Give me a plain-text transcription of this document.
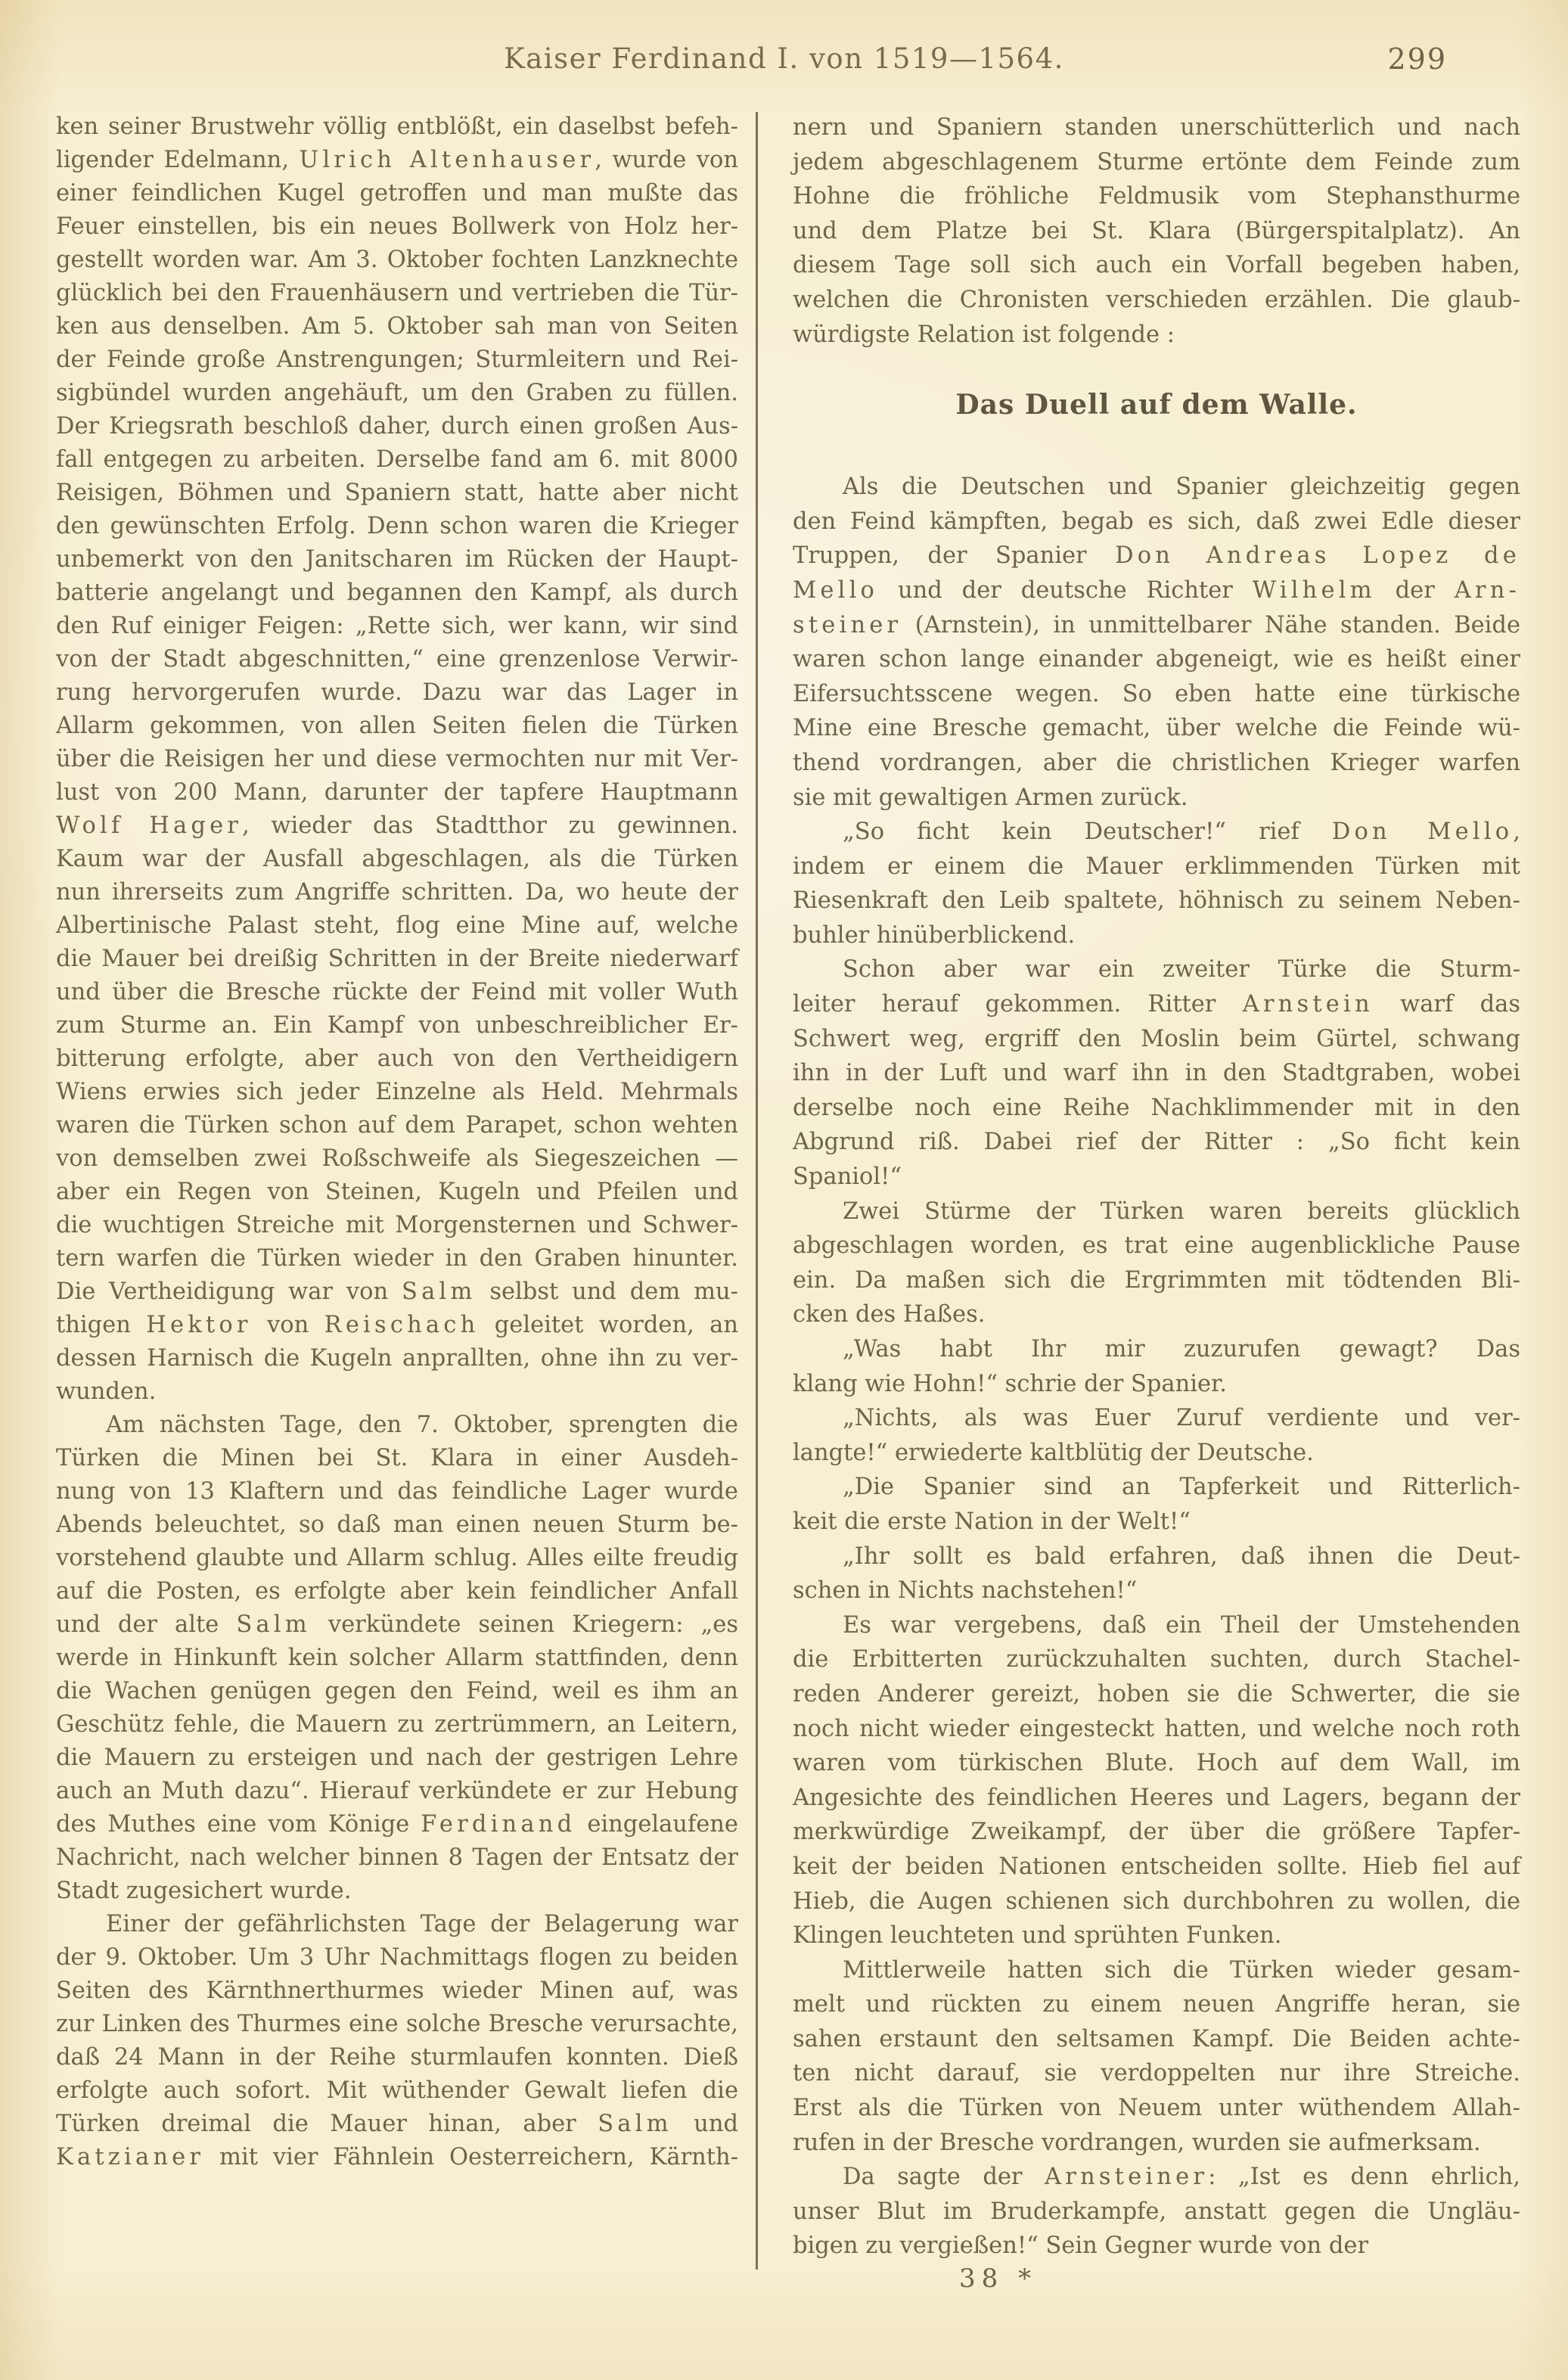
Kaiser Ferdinand I. von 1519—1564.	299
ken seiner Brustwehr völlig entblößt, ein daselbst befeh-
ligender Edelmann, Ulrich Altenhauser, wurde von
einer feindlichen Kugel getroffen und man mußte das
Feuer einstellen, bis ein neues Bollwerk von Holz her-
gestellt worden war. Am 3. Oktober fochten Lanzknechte
glücklich bei den Frauenhäusern und vertrieben die Tür-
ken aus denselben. Am 5. Oktober sah man von Seiten
der Feinde große Anstrengungen; Sturmleitern und Rei-
sigbündel wurden angehäuft, um den Graben zu füllen.
Der Kriegsrath beschloß daher, durch einen großen Aus-
fall entgegen zu arbeiten. Derselbe fand am 6. mit 8000
Reisigen, Böhmen und Spaniern statt, hatte aber nicht
den gewünschten Erfolg. Denn schon waren die Krieger
unbemerkt von den Janitscharen im Rücken der Haupt-
batterie angelangt und begannen den Kampf, als durch
den Ruf einiger Feigen: „Rette sich, wer kann, wir sind
von der Stadt abgeschnitten,“ eine grenzenlose Verwir-
rung hervorgerufen wurde. Dazu war das Lager in
Allarm gekommen, von allen Seiten fielen die Türken
über die Reisigen her und diese vermochten nur mit Ver-
lust von 200 Mann, darunter der tapfere Hauptmann
Wolf Hager, wieder das Stadtthor zu gewinnen.
Kaum war der Ausfall abgeschlagen, als die Türken
nun ihrerseits zum Angriffe schritten. Da, wo heute der
Albertinische Palast steht, flog eine Mine auf, welche
die Mauer bei dreißig Schritten in der Breite niederwarf
und über die Bresche rückte der Feind mit voller Wuth
zum Sturme an. Ein Kampf von unbeschreiblicher Er-
bitterung erfolgte, aber auch von den Vertheidigern
Wiens erwies sich jeder Einzelne als Held. Mehrmals
waren die Türken schon auf dem Parapet, schon wehten
von demselben zwei Roßschweife als Siegeszeichen —
aber ein Regen von Steinen, Kugeln und Pfeilen und
die wuchtigen Streiche mit Morgensternen und Schwer-
tern warfen die Türken wieder in den Graben hinunter.
Die Vertheidigung war von Salm selbst und dem mu-
thigen Hektor von Reischach geleitet worden, an
dessen Harnisch die Kugeln anprallten, ohne ihn zu ver-
wunden.
Am nächsten Tage, den 7. Oktober, sprengten die
Türken die Minen bei St. Klara in einer Ausdeh-
nung von 13 Klaftern und das feindliche Lager wurde
Abends beleuchtet, so daß man einen neuen Sturm be-
vorstehend glaubte und Allarm schlug. Alles eilte freudig
auf die Posten, es erfolgte aber kein feindlicher Anfall
und der alte Salm verkündete seinen Kriegern: „es
werde in Hinkunft kein solcher Allarm stattfinden, denn
die Wachen genügen gegen den Feind, weil es ihm an
Geschütz fehle, die Mauern zu zertrümmern, an Leitern,
die Mauern zu ersteigen und nach der gestrigen Lehre
auch an Muth dazu“. Hierauf verkündete er zur Hebung
des Muthes eine vom Könige Ferdinand eingelaufene
Nachricht, nach welcher binnen 8 Tagen der Entsatz der
Stadt zugesichert wurde.
Einer der gefährlichsten Tage der Belagerung war
der 9. Oktober. Um 3 Uhr Nachmittags flogen zu beiden
Seiten des Kärnthnerthurmes wieder Minen auf, was
zur Linken des Thurmes eine solche Bresche verursachte,
daß 24 Mann in der Reihe sturmlaufen konnten. Dieß
erfolgte auch sofort. Mit wüthender Gewalt liefen die
Türken dreimal die Mauer hinan, aber Salm und
Katzianer mit vier Fähnlein Oesterreichern, Kärnth-
nern und Spaniern standen unerschütterlich und nach
jedem abgeschlagenem Sturme ertönte dem Feinde zum
Hohne die fröhliche Feldmusik vom Stephansthurme
und dem Platze bei St. Klara (Bürgerspitalplatz). An
diesem Tage soll sich auch ein Vorfall begeben haben,
welchen die Chronisten verschieden erzählen. Die glaub-
würdigste Relation ist folgende :
Das Duell auf dem Walle.
Als die Deutschen und Spanier gleichzeitig gegen
den Feind kämpften, begab es sich, daß zwei Edle dieser
Truppen, der Spanier Don Andreas Lopez de
Mello und der deutsche Richter Wilhelm der Arn-
steiner (Arnstein), in unmittelbarer Nähe standen. Beide
waren schon lange einander abgeneigt, wie es heißt einer
Eifersuchtsscene wegen. So eben hatte eine türkische
Mine eine Bresche gemacht, über welche die Feinde wü-
thend vordrangen, aber die christlichen Krieger warfen
sie mit gewaltigen Armen zurück.
„So ficht kein Deutscher!“ rief Don Mello,
indem er einem die Mauer erklimmenden Türken mit
Riesenkraft den Leib spaltete, höhnisch zu seinem Neben-
buhler hinüberblickend.
Schon aber war ein zweiter Türke die Sturm-
leiter herauf gekommen. Ritter Arnstein warf das
Schwert weg, ergriff den Moslin beim Gürtel, schwang
ihn in der Luft und warf ihn in den Stadtgraben, wobei
derselbe noch eine Reihe Nachklimmender mit in den
Abgrund riß. Dabei rief der Ritter : „So ficht kein
Spaniol!“
Zwei Stürme der Türken waren bereits glücklich
abgeschlagen worden, es trat eine augenblickliche Pause
ein. Da maßen sich die Ergrimmten mit tödtenden Bli-
cken des Haßes.
„Was habt Ihr mir zuzurufen gewagt? Das
klang wie Hohn!“ schrie der Spanier.
„Nichts, als was Euer Zuruf verdiente und ver-
langte!“ erwiederte kaltblütig der Deutsche.
„Die Spanier sind an Tapferkeit und Ritterlich-
keit die erste Nation in der Welt!“
„Ihr sollt es bald erfahren, daß ihnen die Deut-
schen in Nichts nachstehen!“
Es war vergebens, daß ein Theil der Umstehenden
die Erbitterten zurückzuhalten suchten, durch Stachel-
reden Anderer gereizt, hoben sie die Schwerter, die sie
noch nicht wieder eingesteckt hatten, und welche noch roth
waren vom türkischen Blute. Hoch auf dem Wall, im
Angesichte des feindlichen Heeres und Lagers, begann der
merkwürdige Zweikampf, der über die größere Tapfer-
keit der beiden Nationen entscheiden sollte. Hieb fiel auf
Hieb, die Augen schienen sich durchbohren zu wollen, die
Klingen leuchteten und sprühten Funken.
Mittlerweile hatten sich die Türken wieder gesam-
melt und rückten zu einem neuen Angriffe heran, sie
sahen erstaunt den seltsamen Kampf. Die Beiden achte-
ten nicht darauf, sie verdoppelten nur ihre Streiche.
Erst als die Türken von Neuem unter wüthendem Allah-
rufen in der Bresche vordrangen, wurden sie aufmerksam.
Da sagte der Arnsteiner: „Ist es denn ehrlich,
unser Blut im Bruderkampfe, anstatt gegen die Ungläu-
bigen zu vergießen!“ Sein Gegner wurde von der
38 *
